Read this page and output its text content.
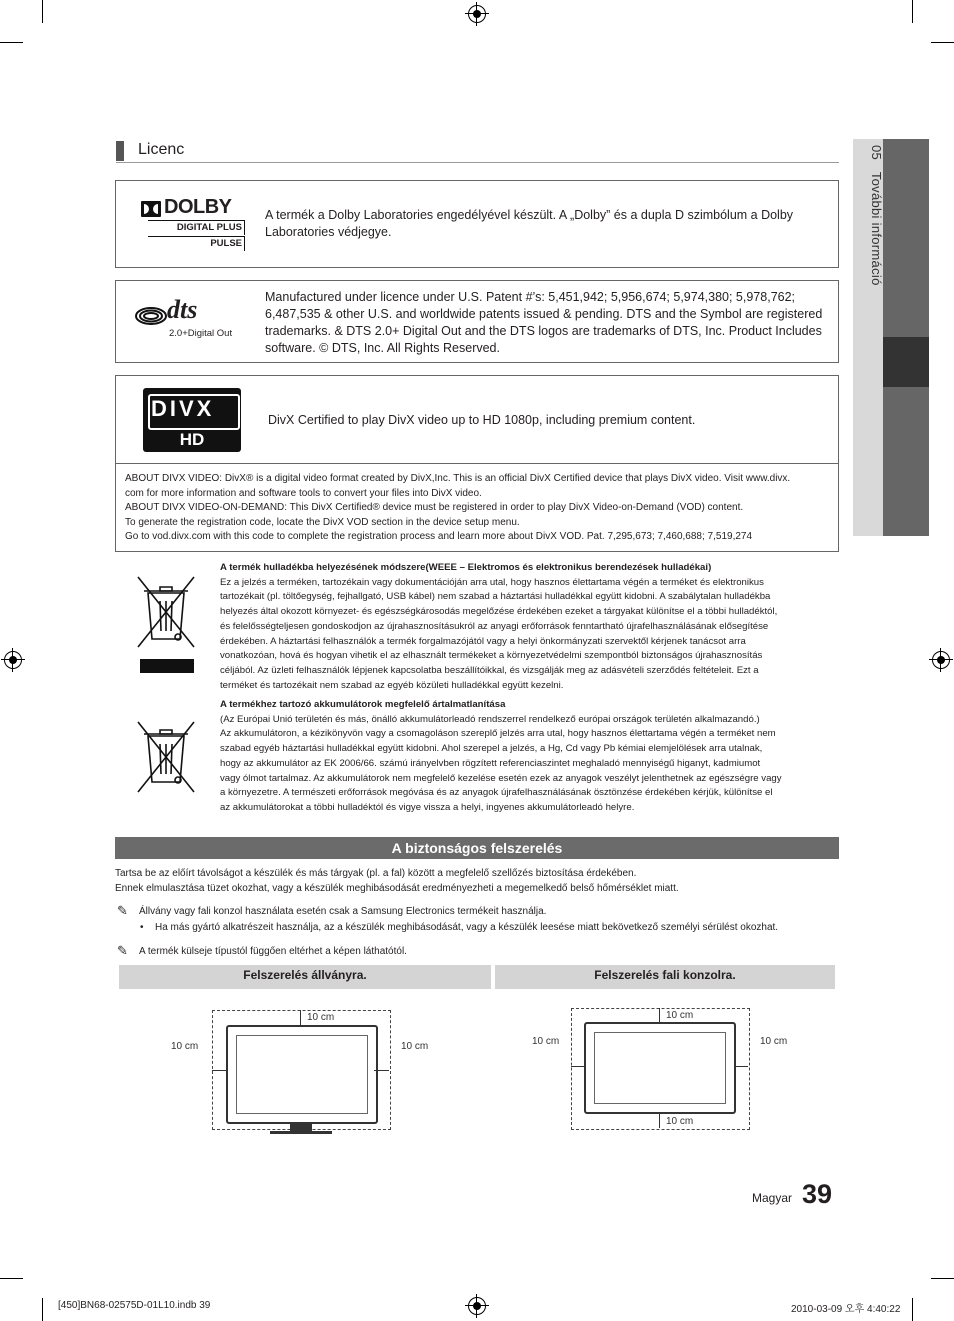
05   További információ
Licenc
DOLBY
DIGITAL PLUS
PULSE
A termék a Dolby Laboratories engedélyével készült. A „Dolby” és a dupla D szimbólum a Dolby Laboratories védjegye.
dts
2.0+Digital Out
Manufactured under licence under U.S. Patent #’s: 5,451,942; 5,956,674; 5,974,380; 5,978,762; 6,487,535 & other U.S. and worldwide patents issued & pending. DTS and the Symbol are registered trademarks. & DTS 2.0+ Digital Out and the DTS logos are trademarks of DTS, Inc. Product Includes software. © DTS, Inc. All Rights Reserved.
DIVX
HD
DivX Certified to play DivX video up to HD 1080p, including premium content.
ABOUT DIVX VIDEO: DivX® is a digital video format created by DivX,Inc. This is an official DivX Certified device that plays DivX video. Visit www.divx.
com for more information and software tools to convert your files into DivX video.
ABOUT DIVX VIDEO-ON-DEMAND: This DivX Certified® device must be registered in order to play DivX Video-on-Demand (VOD) content.
To generate the registration code, locate the DivX VOD section in the device setup menu.
Go to vod.divx.com with this code to complete the registration process and learn more about DivX VOD. Pat. 7,295,673; 7,460,688; 7,519,274
A termék hulladékba helyezésének módszere(WEEE – Elektromos és elektronikus berendezések hulladékai)
Ez a jelzés a terméken, tartozékain vagy dokumentációján arra utal, hogy hasznos élettartama végén a terméket és elektronikus
tartozékait (pl. töltőegység, fejhallgató, USB kábel) nem szabad a háztartási hulladékkal együtt kidobni. A szabálytalan hulladékba
helyezés által okozott környezet- és egészségkárosodás megelőzése érdekében ezeket a tárgyakat különítse el a többi hulladéktól,
és felelősségteljesen gondoskodjon az újrahasznosításukról az anyagi erőforrások fenntartható újrafelhasználásának elősegítése
érdekében. A háztartási felhasználók a termék forgalmazójától vagy a helyi önkormányzati szervektől kérjenek tanácsot arra
vonatkozóan, hová és hogyan vihetik el az elhasznált termékeket a környezetvédelmi szempontból biztonságos újrahasznosítás
céljából. Az üzleti felhasználók lépjenek kapcsolatba beszállítóikkal, és vizsgálják meg az adásvételi szerződés feltételeit. Ezt a
terméket és tartozékait nem szabad az egyéb közületi hulladékkal együtt kezelni.
A termékhez tartozó akkumulátorok megfelelő ártalmatlanítása
(Az Európai Unió területén és más, önálló akkumulátorleadó rendszerrel rendelkező európai országok területén alkalmazandó.)
Az akkumulátoron, a kézikönyvön vagy a csomagoláson szereplő jelzés arra utal, hogy hasznos élettartama végén a terméket nem
szabad egyéb háztartási hulladékkal együtt kidobni. Ahol szerepel a jelzés, a Hg, Cd vagy Pb kémiai elemjelölések arra utalnak,
hogy az akkumulátor az EK 2006/66. számú irányelvben rögzített referenciaszintet meghaladó mennyiségű higanyt, kadmiumot
vagy ólmot tartalmaz. Az akkumulátorok nem megfelelő kezelése esetén ezek az anyagok veszélyt jelenthetnek az egészségre vagy
a környezetre. A természeti erőforrások megóvása és az anyagok újrafelhasználásának ösztönzése érdekében kérjük, különítse el
az akkumulátorokat a többi hulladéktól és vigye vissza a helyi, ingyenes akkumulátorleadó helyre.
A biztonságos felszerelés
Tartsa be az előírt távolságot a készülék és más tárgyak (pl. a fal) között a megfelelő szellőzés biztosítása érdekében.
Ennek elmulasztása tüzet okozhat, vagy a készülék meghibásodását eredményezheti a megemelkedő belső hőmérséklet miatt.
✎ Állvány vagy fali konzol használata esetén csak a Samsung Electronics termékeit használja.
• Ha más gyártó alkatrészeit használja, az a készülék meghibásodását, vagy a készülék leesése miatt bekövetkező személyi sérülést okozhat.
✎ A termék külseje típustól függően eltérhet a képen láthatótól.
Felszerelés állványra.	Felszerelés fali konzolra.
10 cm
10 cm	10 cm
10 cm
10 cm
10 cm	10 cm
Magyar 39
[450]BN68-02575D-01L10.indb 39	2010-03-09 오후 4:40:22
